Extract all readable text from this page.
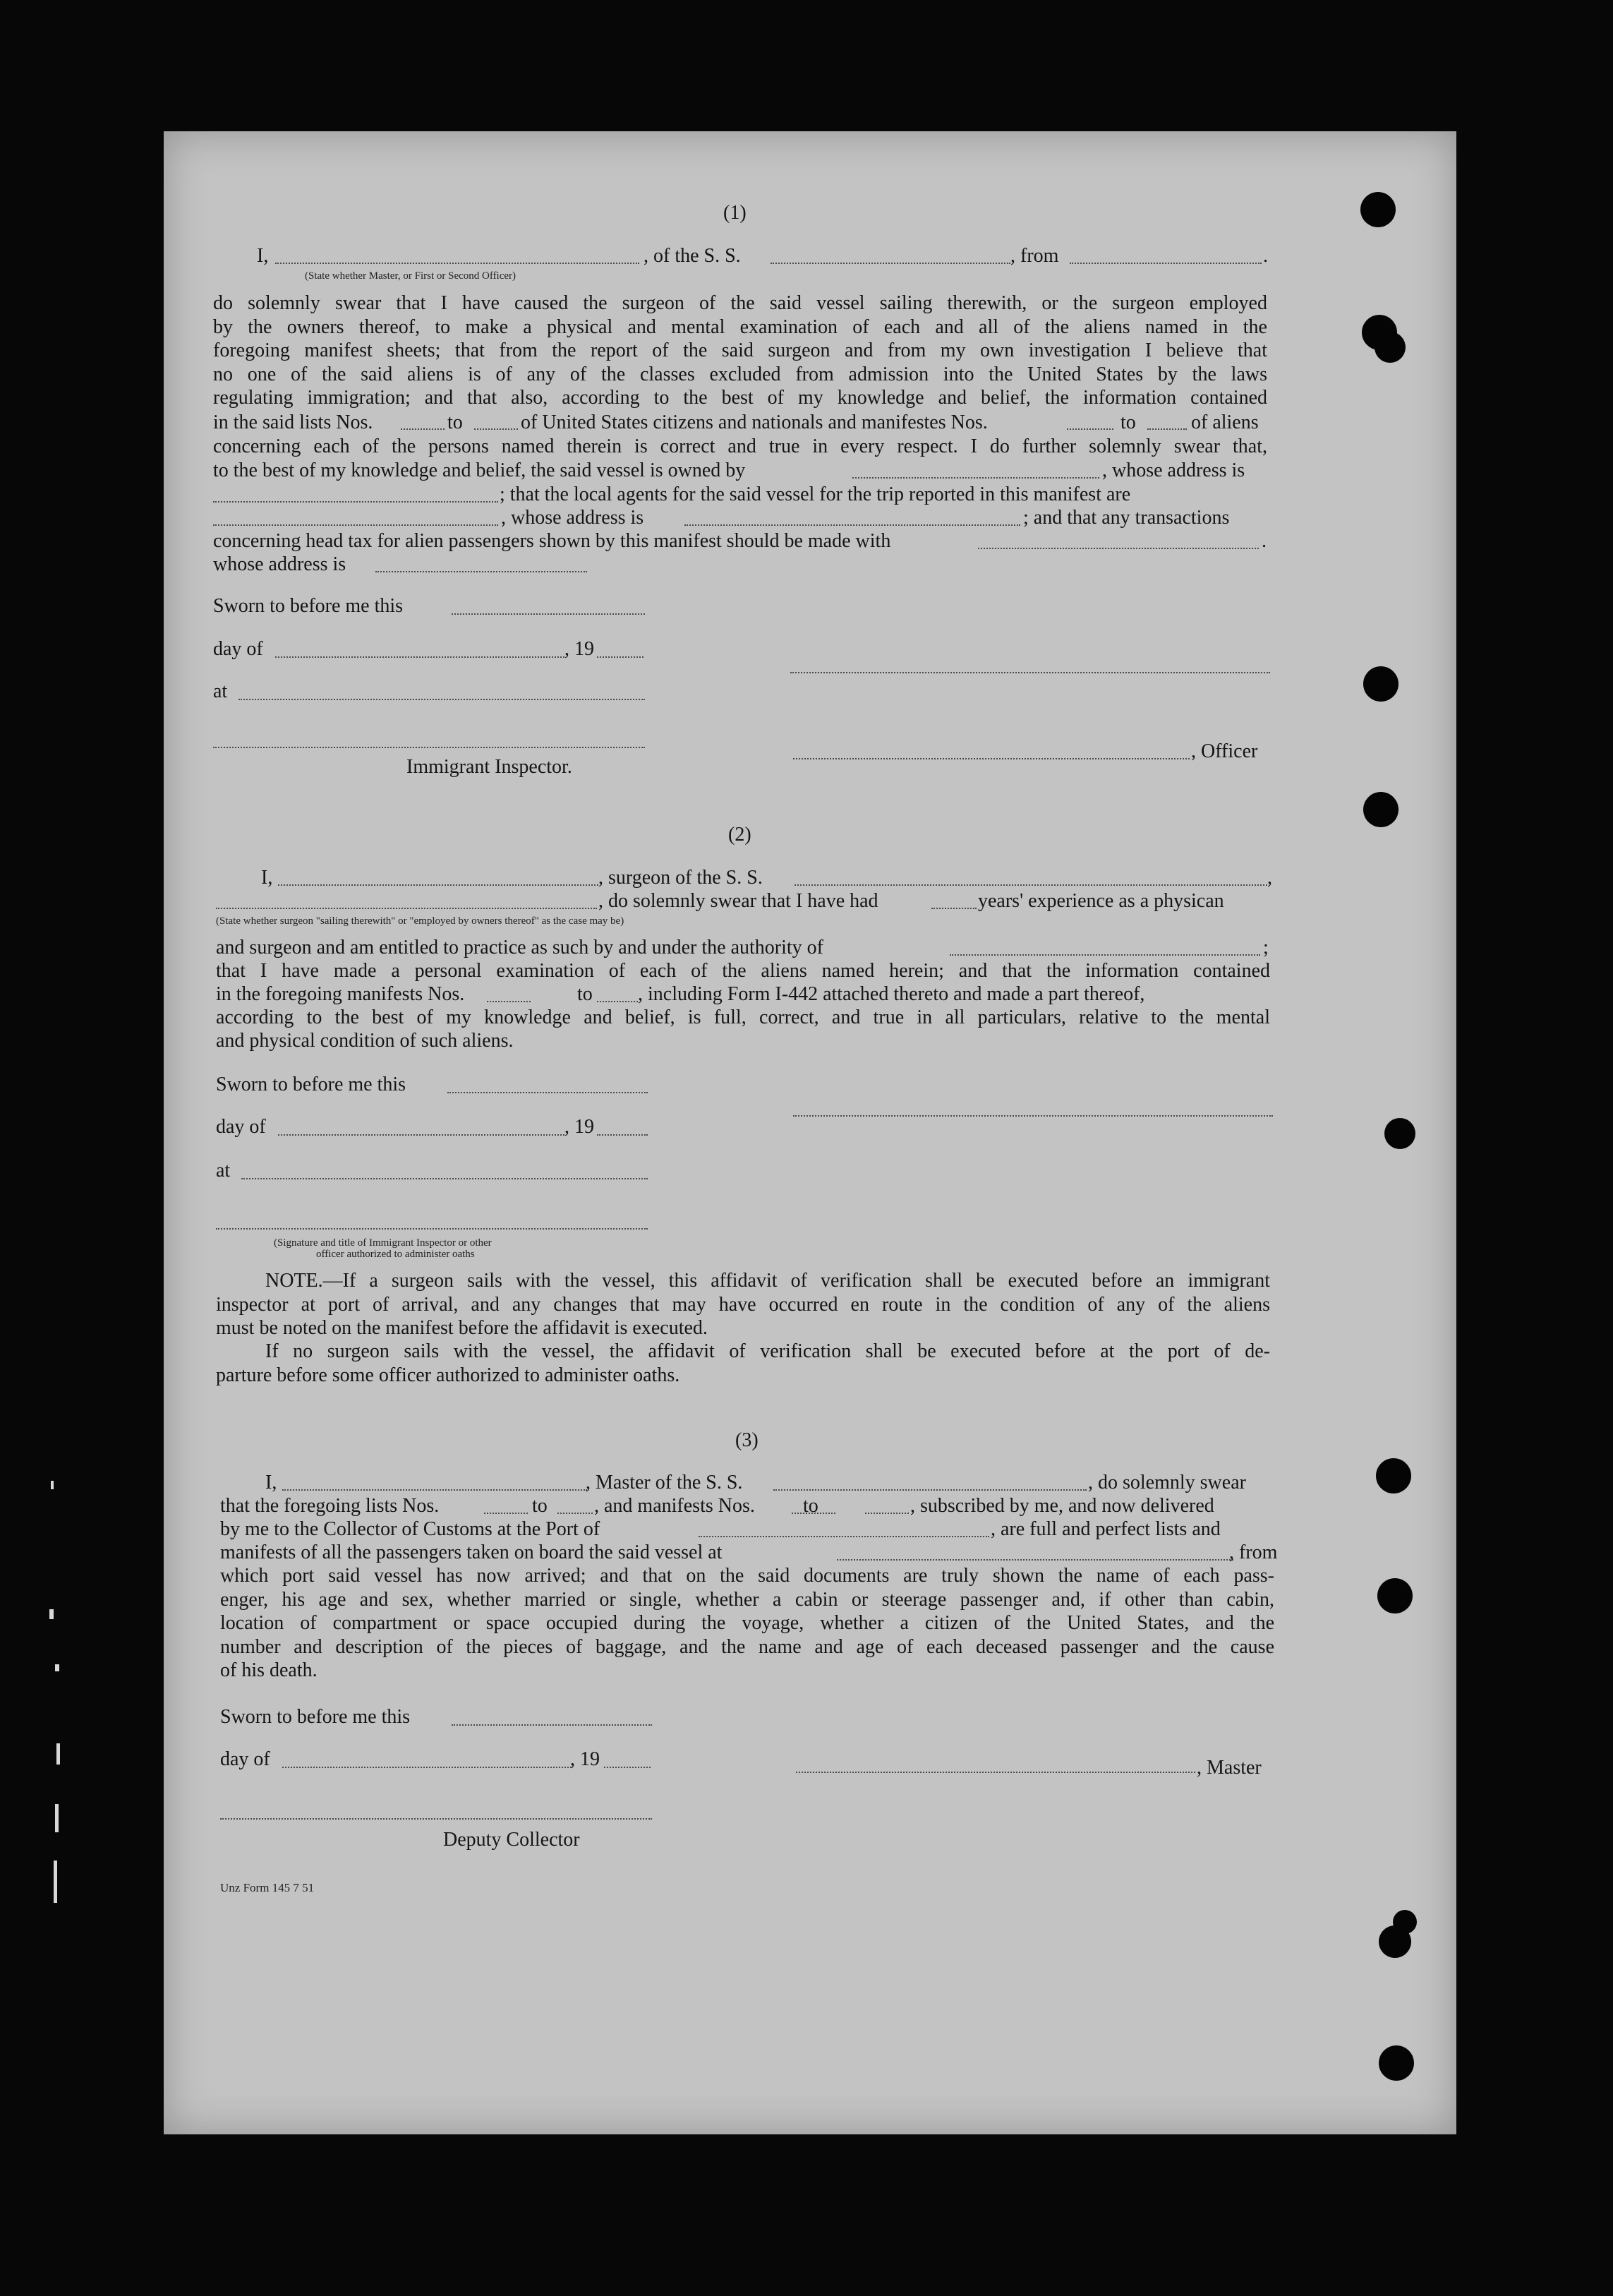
(1)
I,	, of the S. S.	, from	.
(State whether Master, or First or Second Officer)
do solemnly swear that I have caused the surgeon of the said vessel sailing therewith, or the surgeon employed
by the owners thereof, to make a physical and mental examination of each and all of the aliens named in the
foregoing manifest sheets; that from the report of the said surgeon and from my own investigation I believe that
no one of the said aliens is of any of the classes excluded from admission into the United States by the laws
regulating immigration; and that also, according to the best of my knowledge and belief, the information contained
in the said lists Nos.	to	of United States citizens and nationals and manifestes Nos.	to	of aliens
concerning each of the persons named therein is correct and true in every respect. I do further solemnly swear that,
to the best of my knowledge and belief, the said vessel is owned by	, whose address is
; that the local agents for the said vessel for the trip reported in this manifest are
, whose address is	; and that any transactions
concerning head tax for alien passengers shown by this manifest should be made with	.
whose address is
Sworn to before me this
day of	, 19
at
, Officer
Immigrant Inspector.
(2)
I,	, surgeon of the S. S.	,
, do solemnly swear that I have had	years' experience as a physican
(State whether surgeon "sailing therewith" or "employed by owners thereof" as the case may be)
and surgeon and am entitled to practice as such by and under the authority of	;
that I have made a personal examination of each of the aliens named herein; and that the information contained
in the foregoing manifests Nos.	to , including Form I-442 attached thereto and made a part thereof,
according to the best of my knowledge and belief, is full, correct, and true in all particulars, relative to the mental
and physical condition of such aliens.
Sworn to before me this
day of	, 19
at
(Signature and title of Immigrant Inspector or other
officer authorized to administer oaths
NOTE.—If a surgeon sails with the vessel, this affidavit of verification shall be executed before an immigrant
inspector at port of arrival, and any changes that may have occurred en route in the condition of any of the aliens
must be noted on the manifest before the affidavit is executed.
If no surgeon sails with the vessel, the affidavit of verification shall be executed before at the port of de-
parture before some officer authorized to administer oaths.
(3)
I,	, Master of the S. S.	, do solemnly swear
that the foregoing lists Nos.	to , and manifests Nos. to	, subscribed by me, and now delivered
by me to the Collector of Customs at the Port of	, are full and perfect lists and
manifests of all the passengers taken on board the said vessel at	, from
which port said vessel has now arrived; and that on the said documents are truly shown the name of each pass-
enger, his age and sex, whether married or single, whether a cabin or steerage passenger and, if other than cabin,
location of compartment or space occupied during the voyage, whether a citizen of the United States, and the
number and description of the pieces of baggage, and the name and age of each deceased passenger and the cause
of his death.
Sworn to before me this
day of	, 19	, Master
Deputy Collector
Unz Form 145 7 51
